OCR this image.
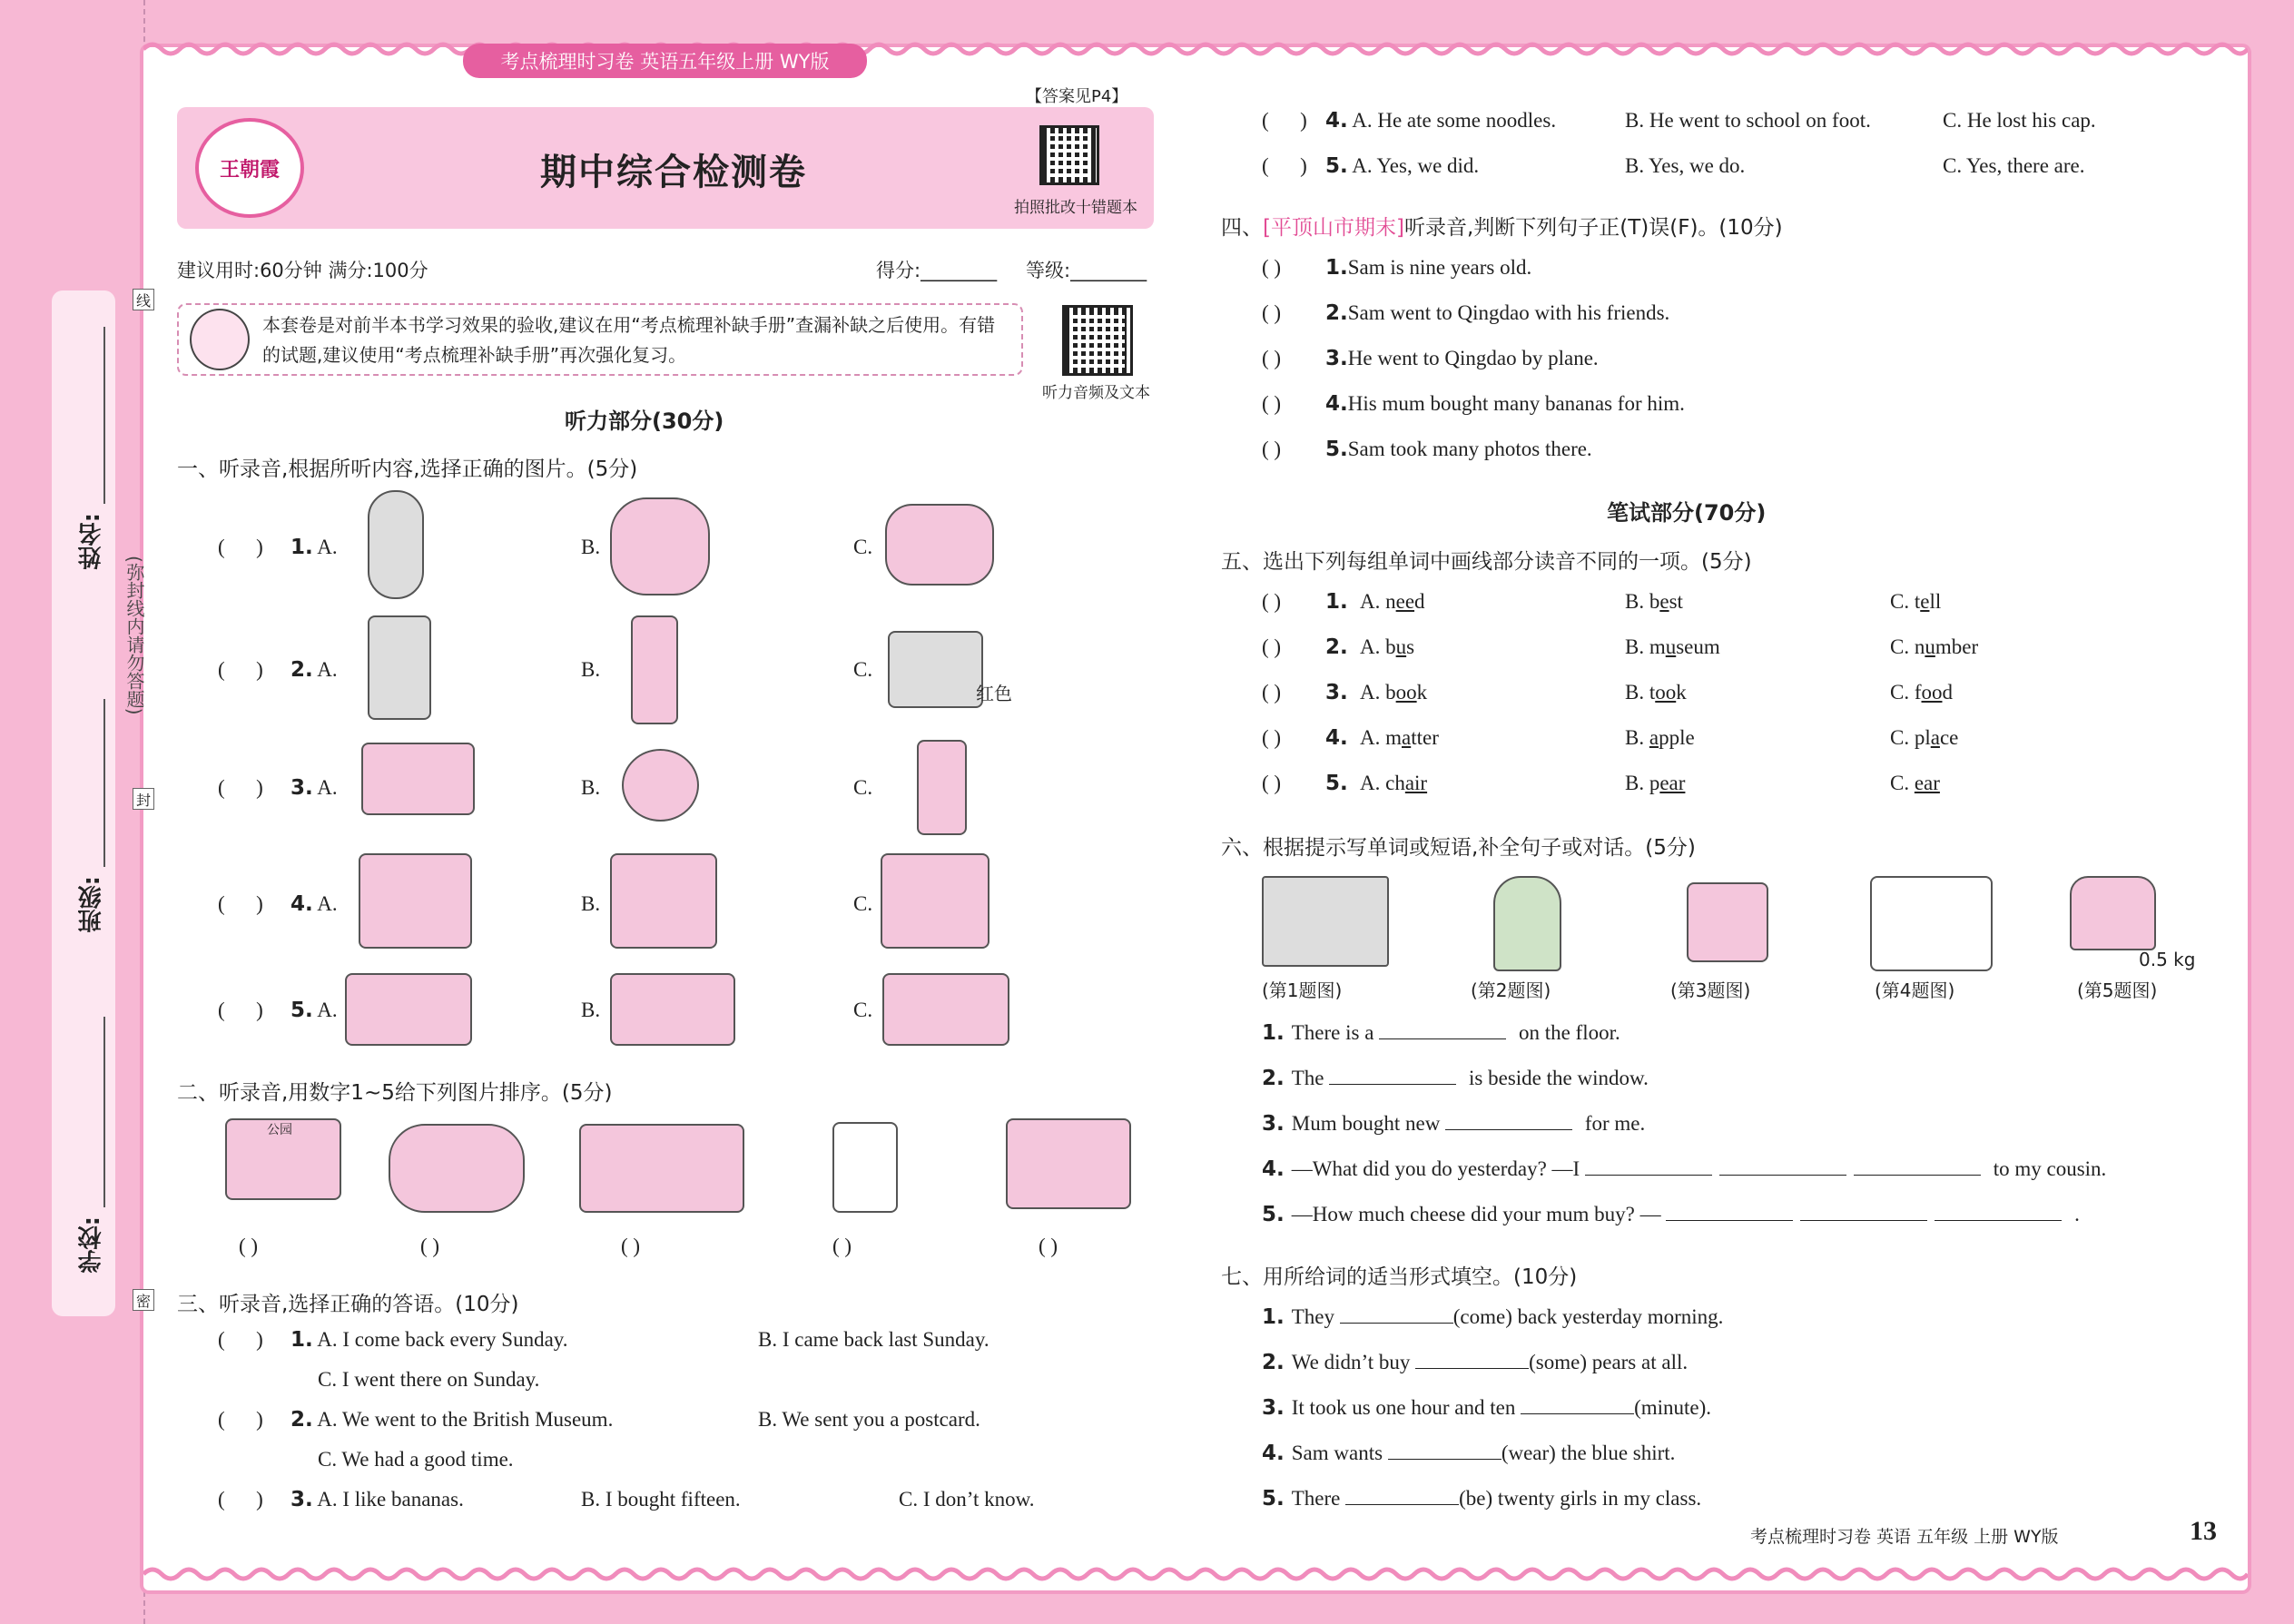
姓名:
班级:
学校:
(弥封线内请勿答题)
线
封
密
考点梳理时习卷 英语五年级上册 WY版
【答案见P4】
王朝霞	期中综合检测卷
拍照批改十错题本
建议用时:60分钟 满分:100分	得分:________ 等级:________
本套卷是对前半本书学习效果的验收,建议在用“考点梳理补缺手册”查漏补缺之后使用。有错的试题,建议使用“考点梳理补缺手册”再次强化复习。
听力音频及文本
听力部分(30分)
一、听录音,根据所听内容,选择正确的图片。(5分)
(      ) 1. A.	B.	C.
(      ) 2. A.	B.	C.
红色
(      ) 3. A.	B.	C.
(      ) 4. A.	B.	C.
(      ) 5. A.	B.	C.
二、听录音,用数字1~5给下列图片排序。(5分)
公园
( )	( )	( )	( )	( )
三、听录音,选择正确的答语。(10分)
(      ) 1. A. I come back every Sunday.	B. I came back last Sunday.
C. I went there on Sunday.
(      ) 2. A. We went to the British Museum.	B. We sent you a postcard.
C. We had a good time.
(      ) 3. A. I like bananas.	B. I bought fifteen.	C. I don’t know.
(      ) 4. A. He ate some noodles.	B. He went to school on foot.	C. He lost his cap.
(      ) 5. A. Yes, we did.	B. Yes, we do.	C. Yes, there are.
四、[平顶山市期末]听录音,判断下列句子正(T)误(F)。(10分)
( ) 1.Sam is nine years old.
( ) 2.Sam went to Qingdao with his friends.
( ) 3.He went to Qingdao by plane.
( ) 4.His mum bought many bananas for him.
( ) 5.Sam took many photos there.
笔试部分(70分)
五、选出下列每组单词中画线部分读音不同的一项。(5分)
( ) 1. A. need	B. best	C. tell
( ) 2. A. bus	B. museum	C. number
( ) 3. A. book	B. took	C. food
( ) 4. A. matter	B. apple	C. place
( ) 5. A. chair	B. pear	C. ear
六、根据提示写单词或短语,补全句子或对话。(5分)
0.5 kg
(第1题图)	(第2题图)	(第3题图)	(第4题图)	(第5题图)
1. There is a	on the floor.
2. The	is beside the window.
3. Mum bought new	for me.
4. —What did you do yesterday? —I	to my cousin.
5. —How much cheese did your mum buy? —	.
七、用所给词的适当形式填空。(10分)
1. They	(come) back yesterday morning.
2. We didn’t buy	(some) pears at all.
3. It took us one hour and ten	(minute).
4. Sam wants	(wear) the blue shirt.
5. There	(be) twenty girls in my class.
考点梳理时习卷 英语 五年级 上册 WY版	13
